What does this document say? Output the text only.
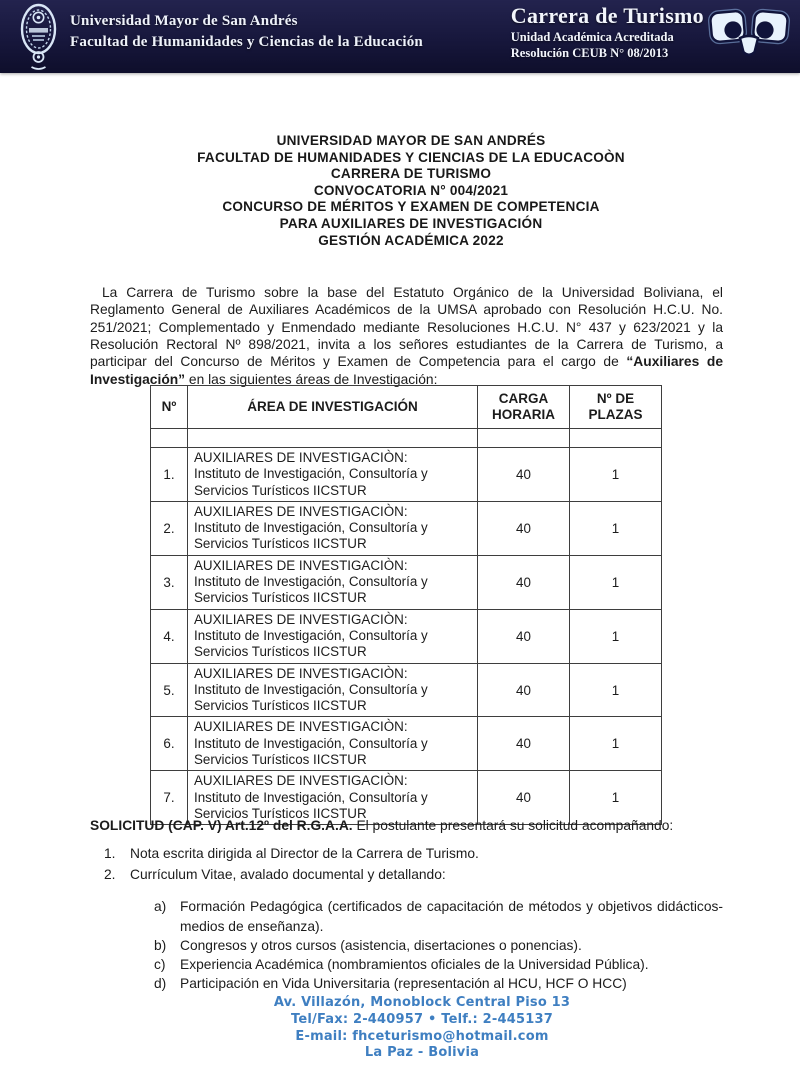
Universidad Mayor de San Andrés
Facultad de Humanidades y Ciencias de la Educación
Carrera de Turismo
Unidad Académica Acreditada
Resolución CEUB N° 08/2013
UNIVERSIDAD MAYOR DE SAN ANDRÉS
FACULTAD DE HUMANIDADES Y CIENCIAS DE LA EDUCACOÒN
CARRERA DE TURISMO
CONVOCATORIA N° 004/2021
CONCURSO DE MÉRITOS Y EXAMEN DE COMPETENCIA
PARA AUXILIARES DE INVESTIGACIÓN
GESTIÓN ACADÉMICA 2022

La Carrera de Turismo sobre la base del Estatuto Orgánico de la Universidad Boliviana, el Reglamento General de Auxiliares Académicos de la UMSA aprobado con Resolución H.C.U. No. 251/2021; Complementado y Enmendado mediante Resoluciones H.C.U. N° 437 y 623/2021 y la Resolución Rectoral Nº 898/2021, invita a los señores estudiantes de la Carrera de Turismo, a participar del Concurso de Méritos y Examen de Competencia para el cargo de “Auxiliares de Investigación” en las siguientes áreas de Investigación:

Nº	ÁREA DE INVESTIGACIÓN	CARGA HORARIA	Nº DE PLAZAS

1.	AUXILIARES DE INVESTIGACIÒN:
Instituto de Investigación, Consultoría y
Servicios Turísticos IICSTUR	40	1
2.	AUXILIARES DE INVESTIGACIÒN:
Instituto de Investigación, Consultoría y
Servicios Turísticos IICSTUR	40	1
3.	AUXILIARES DE INVESTIGACIÒN:
Instituto de Investigación, Consultoría y
Servicios Turísticos IICSTUR	40	1
4.	AUXILIARES DE INVESTIGACIÒN:
Instituto de Investigación, Consultoría y
Servicios Turísticos IICSTUR	40	1
5.	AUXILIARES DE INVESTIGACIÒN:
Instituto de Investigación, Consultoría y
Servicios Turísticos IICSTUR	40	1
6.	AUXILIARES DE INVESTIGACIÒN:
Instituto de Investigación, Consultoría y
Servicios Turísticos IICSTUR	40	1
7.	AUXILIARES DE INVESTIGACIÒN:
Instituto de Investigación, Consultoría y
Servicios Turísticos IICSTUR	40	1
SOLICITUD (CAP. V) Art.12º del R.G.A.A. El postulante presentará su solicitud acompañando:
1.	Nota escrita dirigida al Director de la Carrera de Turismo.
2.	Currículum Vitae, avalado documental y detallando:
a) Formación Pedagógica (certificados de capacitación de métodos y objetivos didácticos-medios de enseñanza).
b) Congresos y otros cursos (asistencia, disertaciones o ponencias).
c)	Experiencia Académica (nombramientos oficiales de la Universidad Pública).
d) Participación en Vida Universitaria (representación al HCU, HCF O HCC)
Av. Villazón, Monoblock Central Piso 13
Tel/Fax: 2-440957 • Telf.: 2-445137
E-mail: fhceturismo@hotmail.com
La Paz - Bolivia
